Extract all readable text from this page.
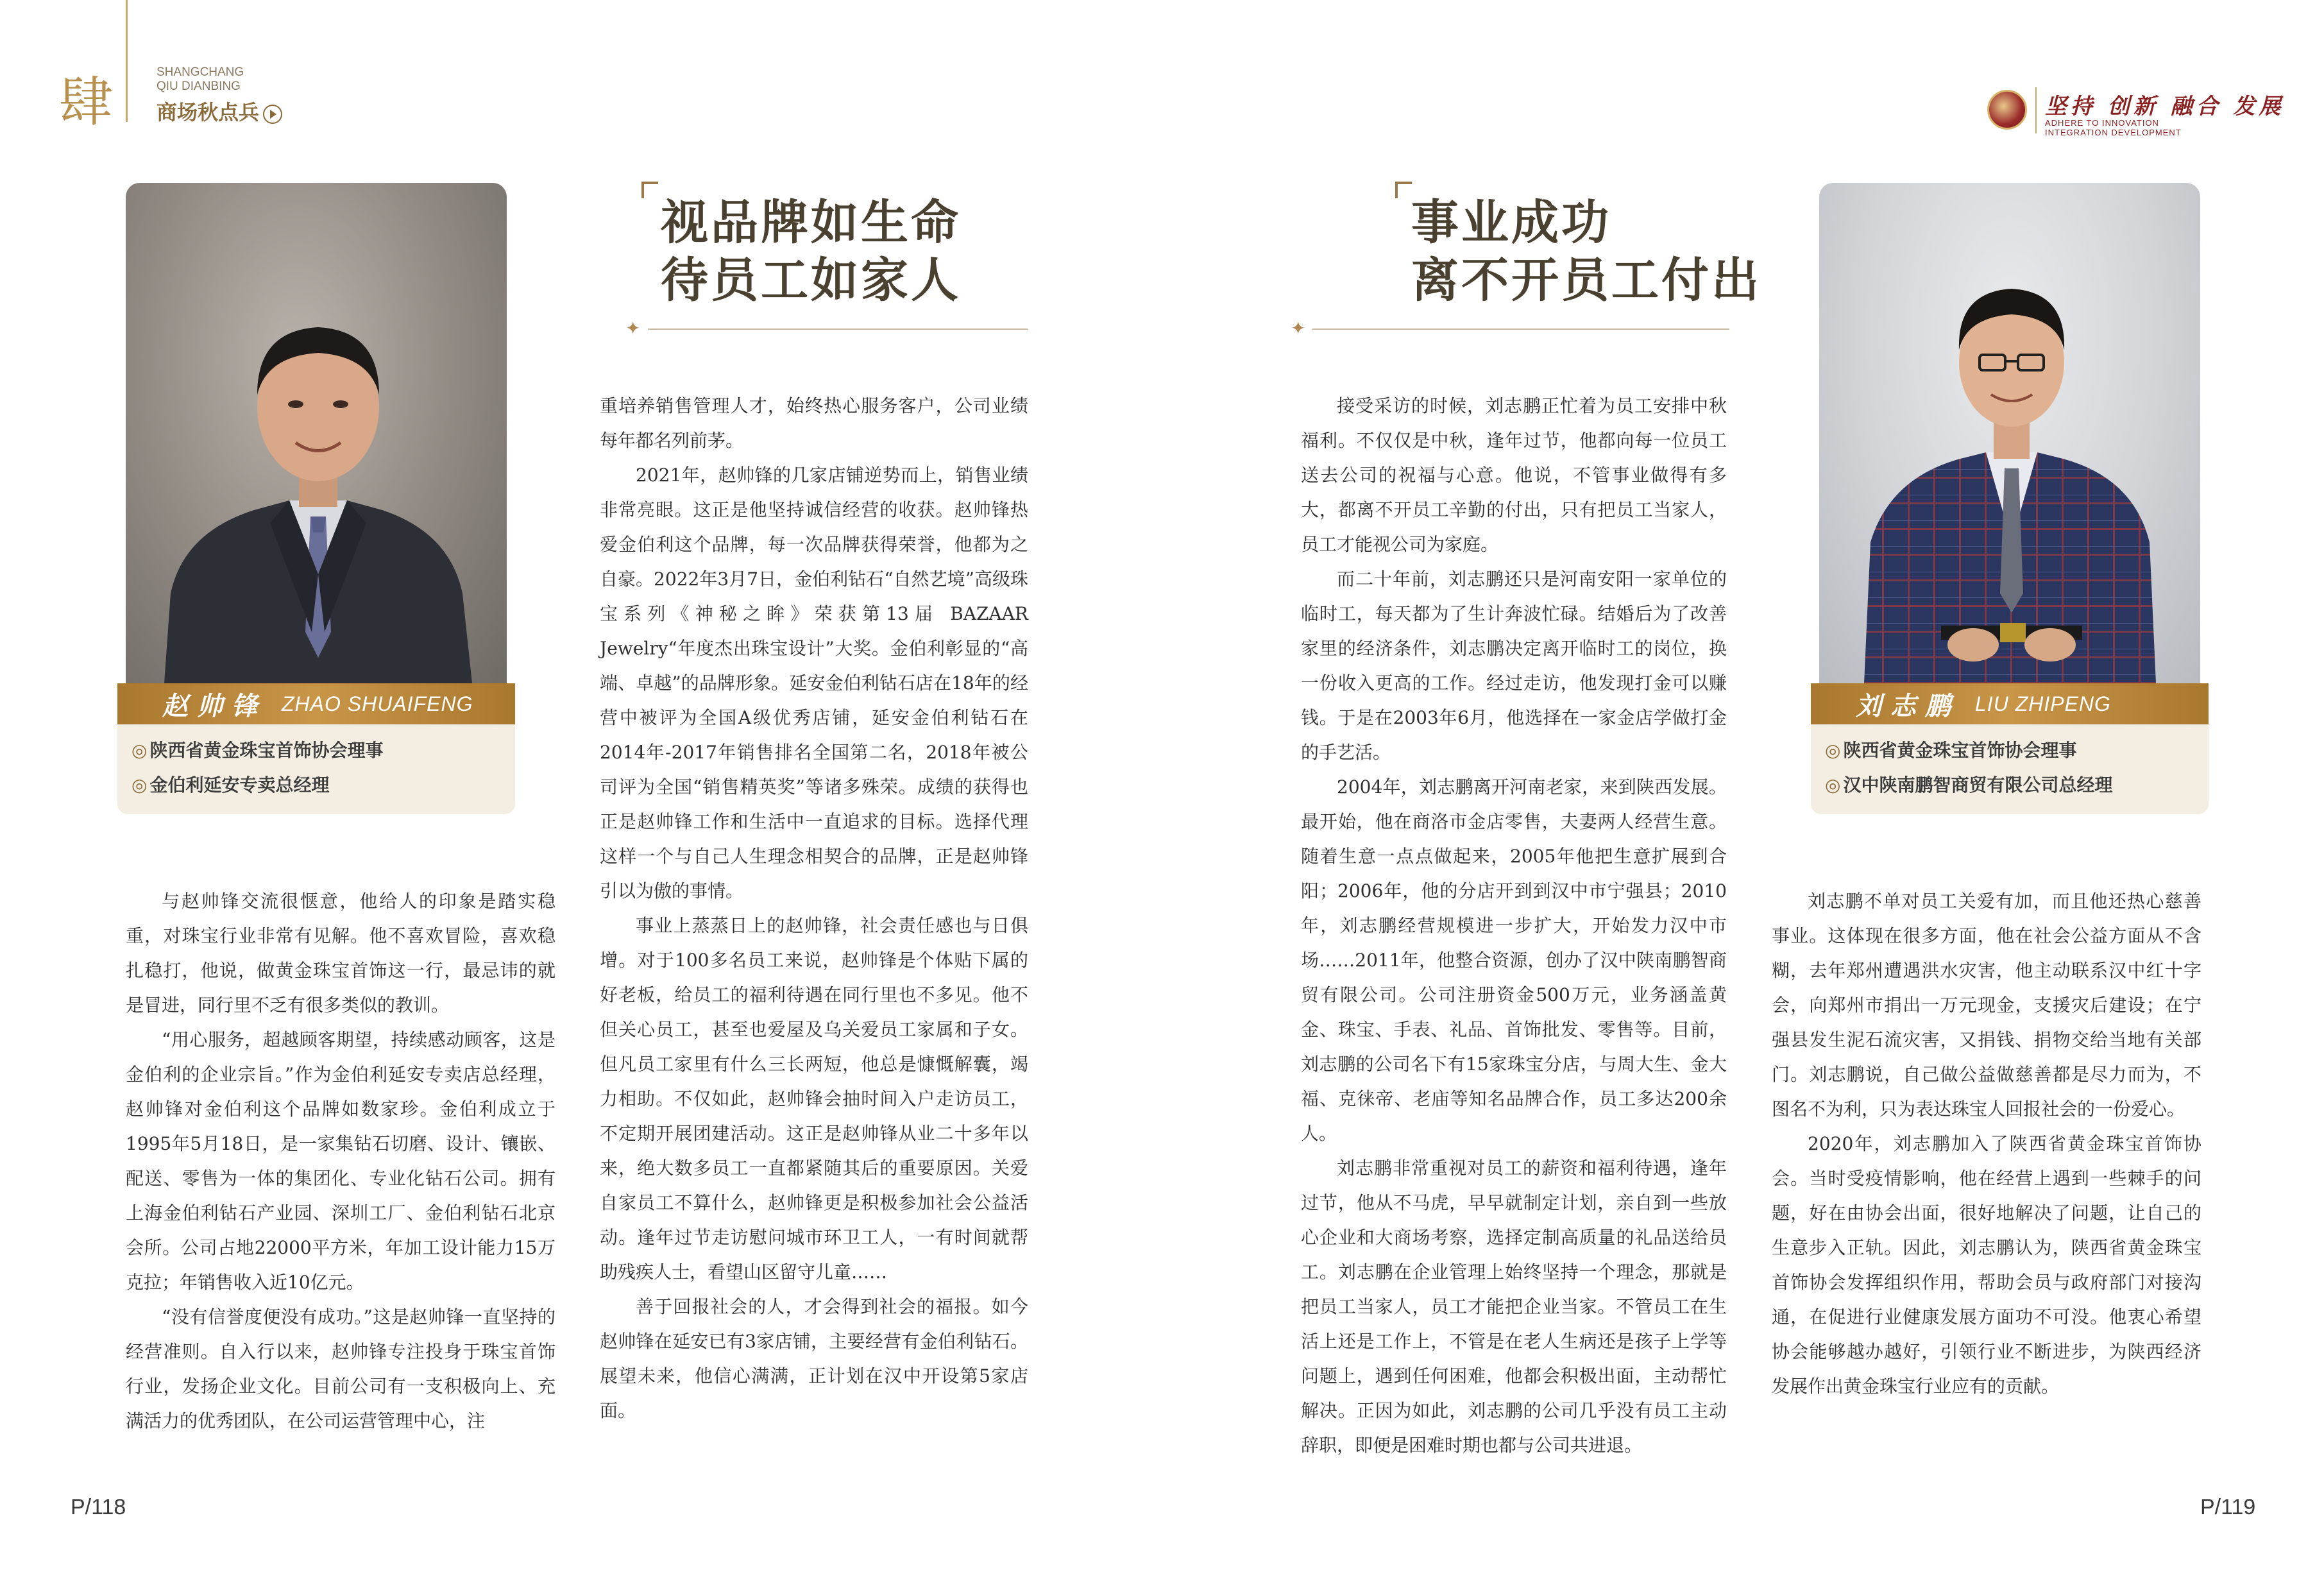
肆	SHANGCHANG
QIU DIANBING
商场秋点兵	坚持 创新 融合 发展
ADHERE TO INNOVATION
INTEGRATION DEVELOPMENT
赵帅锋 ZHAO SHUAIFENG
◎ 陕西省黄金珠宝首饰协会理事
◎ 金伯利延安专卖总经理
视品牌如生命
待员工如家人
✦

与赵帅锋交流很惬意，他给人的印象是踏实稳重，对珠宝行业非常有见解。他不喜欢冒险，喜欢稳扎稳打，他说，做黄金珠宝首饰这一行，最忌讳的就是冒进，同行里不乏有很多类似的教训。

“用心服务，超越顾客期望，持续感动顾客，这是金伯利的企业宗旨。”作为金伯利延安专卖店总经理，赵帅锋对金伯利这个品牌如数家珍。金伯利成立于1995年5月18日，是一家集钻石切磨、设计、镶嵌、配送、零售为一体的集团化、专业化钻石公司。拥有上海金伯利钻石产业园、深圳工厂、金伯利钻石北京会所。公司占地22000平方米，年加工设计能力15万克拉；年销售收入近10亿元。

“没有信誉度便没有成功。”这是赵帅锋一直坚持的经营准则。自入行以来，赵帅锋专注投身于珠宝首饰行业，发扬企业文化。目前公司有一支积极向上、充满活力的优秀团队，在公司运营管理中心，注

重培养销售管理人才，始终热心服务客户，公司业绩每年都名列前茅。

2021年，赵帅锋的几家店铺逆势而上，销售业绩非常亮眼。这正是他坚持诚信经营的收获。赵帅锋热爱金伯利这个品牌，每一次品牌获得荣誉，他都为之自豪。2022年3月7日，金伯利钻石“自然艺境”高级珠宝系列《神秘之眸》荣获第13届 BAZAAR Jewelry“年度杰出珠宝设计”大奖。金伯利彰显的“高端、卓越”的品牌形象。延安金伯利钻石店在18年的经营中被评为全国A级优秀店铺，延安金伯利钻石在2014年-2017年销售排名全国第二名，2018年被公司评为全国“销售精英奖”等诸多殊荣。成绩的获得也正是赵帅锋工作和生活中一直追求的目标。选择代理这样一个与自己人生理念相契合的品牌，正是赵帅锋引以为傲的事情。

事业上蒸蒸日上的赵帅锋，社会责任感也与日俱增。对于100多名员工来说，赵帅锋是个体贴下属的好老板，给员工的福利待遇在同行里也不多见。他不但关心员工，甚至也爱屋及乌关爱员工家属和子女。但凡员工家里有什么三长两短，他总是慷慨解囊，竭力相助。不仅如此，赵帅锋会抽时间入户走访员工，不定期开展团建活动。这正是赵帅锋从业二十多年以来，绝大数多员工一直都紧随其后的重要原因。关爱自家员工不算什么，赵帅锋更是积极参加社会公益活动。逢年过节走访慰问城市环卫工人，一有时间就帮助残疾人士，看望山区留守儿童……

善于回报社会的人，才会得到社会的福报。如今赵帅锋在延安已有3家店铺，主要经营有金伯利钻石。展望未来，他信心满满，正计划在汉中开设第5家店面。

P/118
事业成功
离不开员工付出
✦

接受采访的时候，刘志鹏正忙着为员工安排中秋福利。不仅仅是中秋，逢年过节，他都向每一位员工送去公司的祝福与心意。他说，不管事业做得有多大，都离不开员工辛勤的付出，只有把员工当家人，员工才能视公司为家庭。

而二十年前，刘志鹏还只是河南安阳一家单位的临时工，每天都为了生计奔波忙碌。结婚后为了改善家里的经济条件，刘志鹏决定离开临时工的岗位，换一份收入更高的工作。经过走访，他发现打金可以赚钱。于是在2003年6月，他选择在一家金店学做打金的手艺活。

2004年，刘志鹏离开河南老家，来到陕西发展。最开始，他在商洛市金店零售，夫妻两人经营生意。随着生意一点点做起来，2005年他把生意扩展到合阳；2006年，他的分店开到到汉中市宁强县；2010年，刘志鹏经营规模进一步扩大，开始发力汉中市场……2011年，他整合资源，创办了汉中陕南鹏智商贸有限公司。公司注册资金500万元，业务涵盖黄金、珠宝、手表、礼品、首饰批发、零售等。目前，刘志鹏的公司名下有15家珠宝分店，与周大生、金大福、克徕帝、老庙等知名品牌合作，员工多达200余人。

刘志鹏非常重视对员工的薪资和福利待遇，逢年过节，他从不马虎，早早就制定计划，亲自到一些放心企业和大商场考察，选择定制高质量的礼品送给员工。刘志鹏在企业管理上始终坚持一个理念，那就是把员工当家人，员工才能把企业当家。不管员工在生活上还是工作上，不管是在老人生病还是孩子上学等问题上，遇到任何困难，他都会积极出面，主动帮忙解决。正因为如此，刘志鹏的公司几乎没有员工主动辞职，即便是困难时期也都与公司共进退。

刘志鹏 LIU ZHIPENG
◎ 陕西省黄金珠宝首饰协会理事
◎ 汉中陕南鹏智商贸有限公司总经理

刘志鹏不单对员工关爱有加，而且他还热心慈善事业。这体现在很多方面，他在社会公益方面从不含糊，去年郑州遭遇洪水灾害，他主动联系汉中红十字会，向郑州市捐出一万元现金，支援灾后建设；在宁强县发生泥石流灾害，又捐钱、捐物交给当地有关部门。刘志鹏说，自己做公益做慈善都是尽力而为，不图名不为利，只为表达珠宝人回报社会的一份爱心。

2020年，刘志鹏加入了陕西省黄金珠宝首饰协会。当时受疫情影响，他在经营上遇到一些棘手的问题，好在由协会出面，很好地解决了问题，让自己的生意步入正轨。因此，刘志鹏认为，陕西省黄金珠宝首饰协会发挥组织作用，帮助会员与政府部门对接沟通，在促进行业健康发展方面功不可没。他衷心希望协会能够越办越好，引领行业不断进步，为陕西经济发展作出黄金珠宝行业应有的贡献。

P/119
